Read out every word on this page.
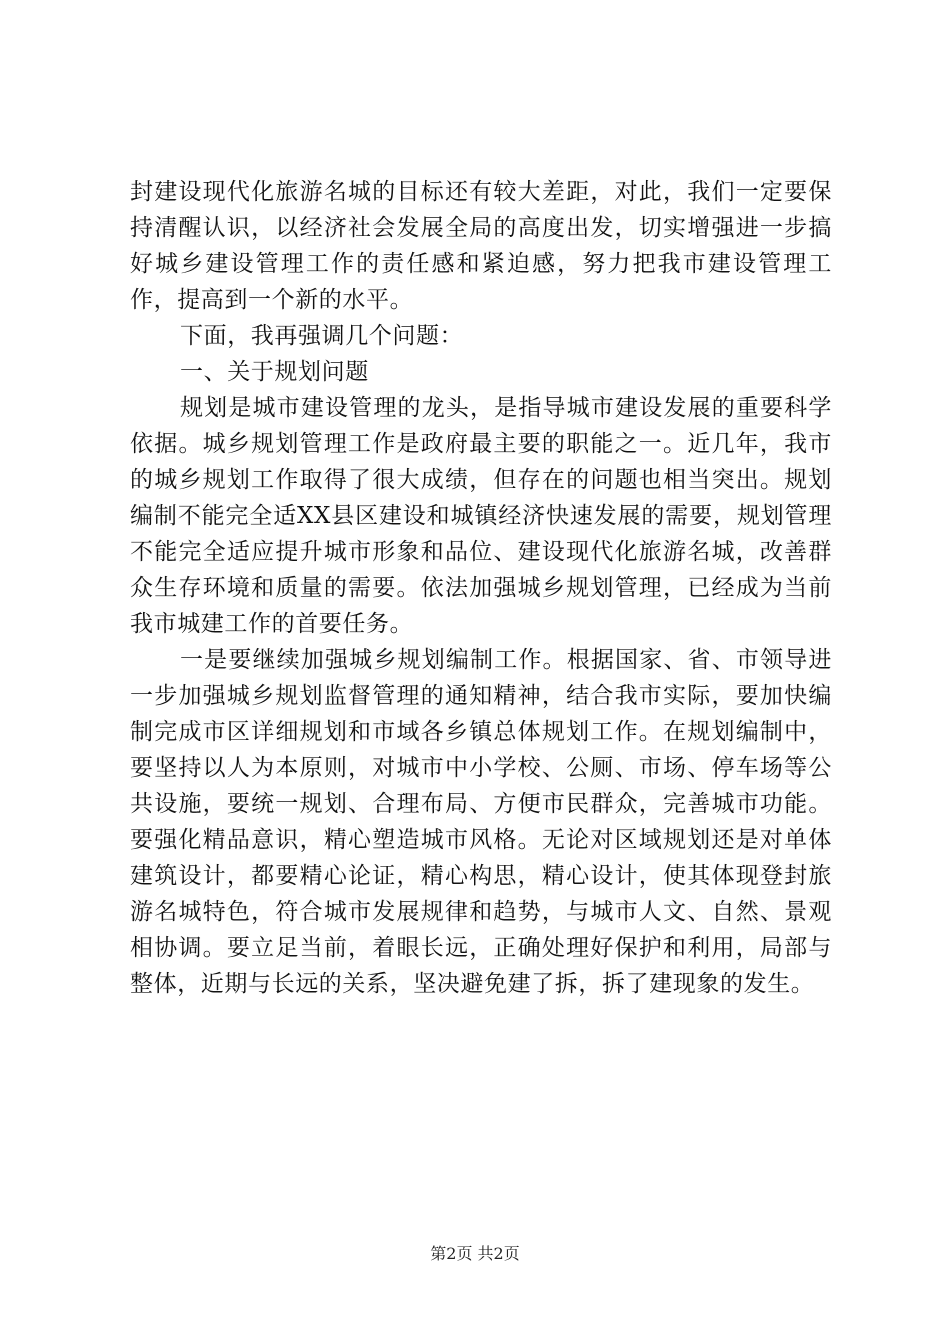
封建设现代化旅游名城的目标还有较大差距，对此，我们一定要保持清醒认识，以经济社会发展全局的高度出发，切实增强进一步搞好城乡建设管理工作的责任感和紧迫感，努力把我市建设管理工作，提高到一个新的水平。

下面，我再强调几个问题：

一、关于规划问题

规划是城市建设管理的龙头，是指导城市建设发展的重要科学依据。城乡规划管理工作是政府最主要的职能之一。近几年，我市的城乡规划工作取得了很大成绩，但存在的问题也相当突出。规划编制不能完全适XX县区建设和城镇经济快速发展的需要，规划管理不能完全适应提升城市形象和品位、建设现代化旅游名城，改善群众生存环境和质量的需要。依法加强城乡规划管理，已经成为当前我市城建工作的首要任务。

一是要继续加强城乡规划编制工作。根据国家、省、市领导进一步加强城乡规划监督管理的通知精神，结合我市实际，要加快编制完成市区详细规划和市域各乡镇总体规划工作。在规划编制中，要坚持以人为本原则，对城市中小学校、公厕、市场、停车场等公共设施，要统一规划、合理布局、方便市民群众，完善城市功能。要强化精品意识，精心塑造城市风格。无论对区域规划还是对单体建筑设计，都要精心论证，精心构思，精心设计，使其体现登封旅游名城特色，符合城市发展规律和趋势，与城市人文、自然、景观相协调。要立足当前，着眼长远，正确处理好保护和利用，局部与整体，近期与长远的关系，坚决避免建了拆，拆了建现象的发生。

第2页 共2页
